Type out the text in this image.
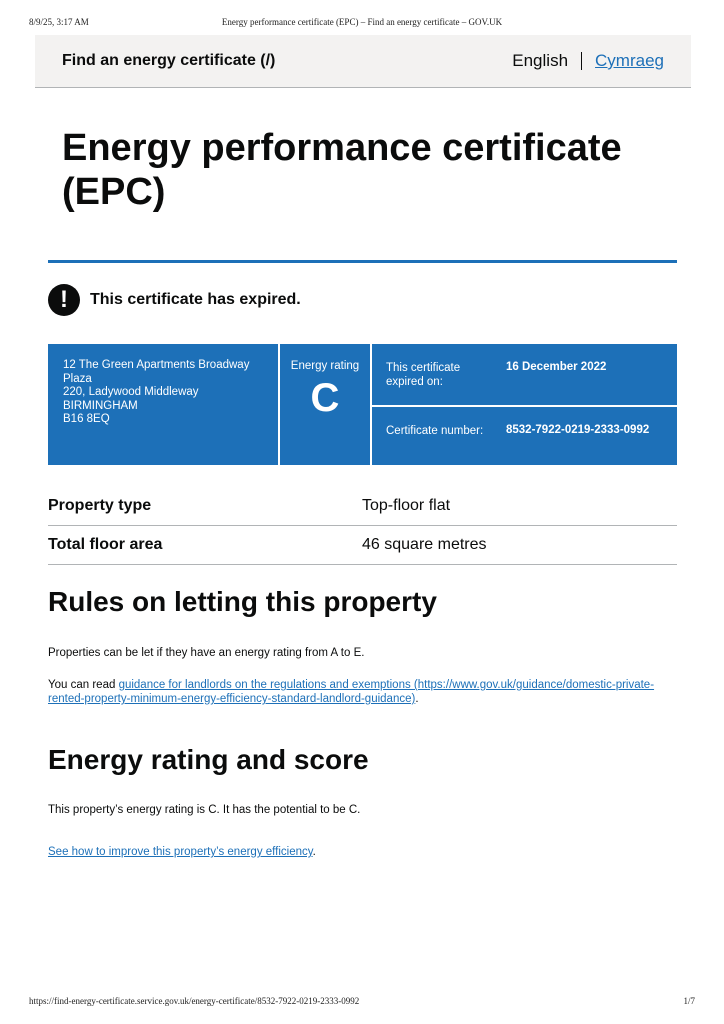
8/9/25, 3:17 AM	Energy performance certificate (EPC) – Find an energy certificate – GOV.UK
Find an energy certificate (/)	English Cymraeg
Energy performance certificate (EPC)
!	This certificate has expired.
12 The Green Apartments Broadway
Plaza
220, Ladywood Middleway
BIRMINGHAM
B16 8EQ
Energy rating
C
This certificate expired on:
16 December 2022
Certificate number: 8532-7922-0219-2333-0992
Property type	Top-floor flat
Total floor area	46 square metres
Rules on letting this property

Properties can be let if they have an energy rating from A to E.

You can read guidance for landlords on the regulations and exemptions (https://www.gov.uk/guidance/domestic-private-rented-property-minimum-energy-efficiency-standard-landlord-guidance).

Energy rating and score

This property’s energy rating is C. It has the potential to be C.

See how to improve this property’s energy efficiency.

https://find-energy-certificate.service.gov.uk/energy-certificate/8532-7922-0219-2333-0992	1/7
